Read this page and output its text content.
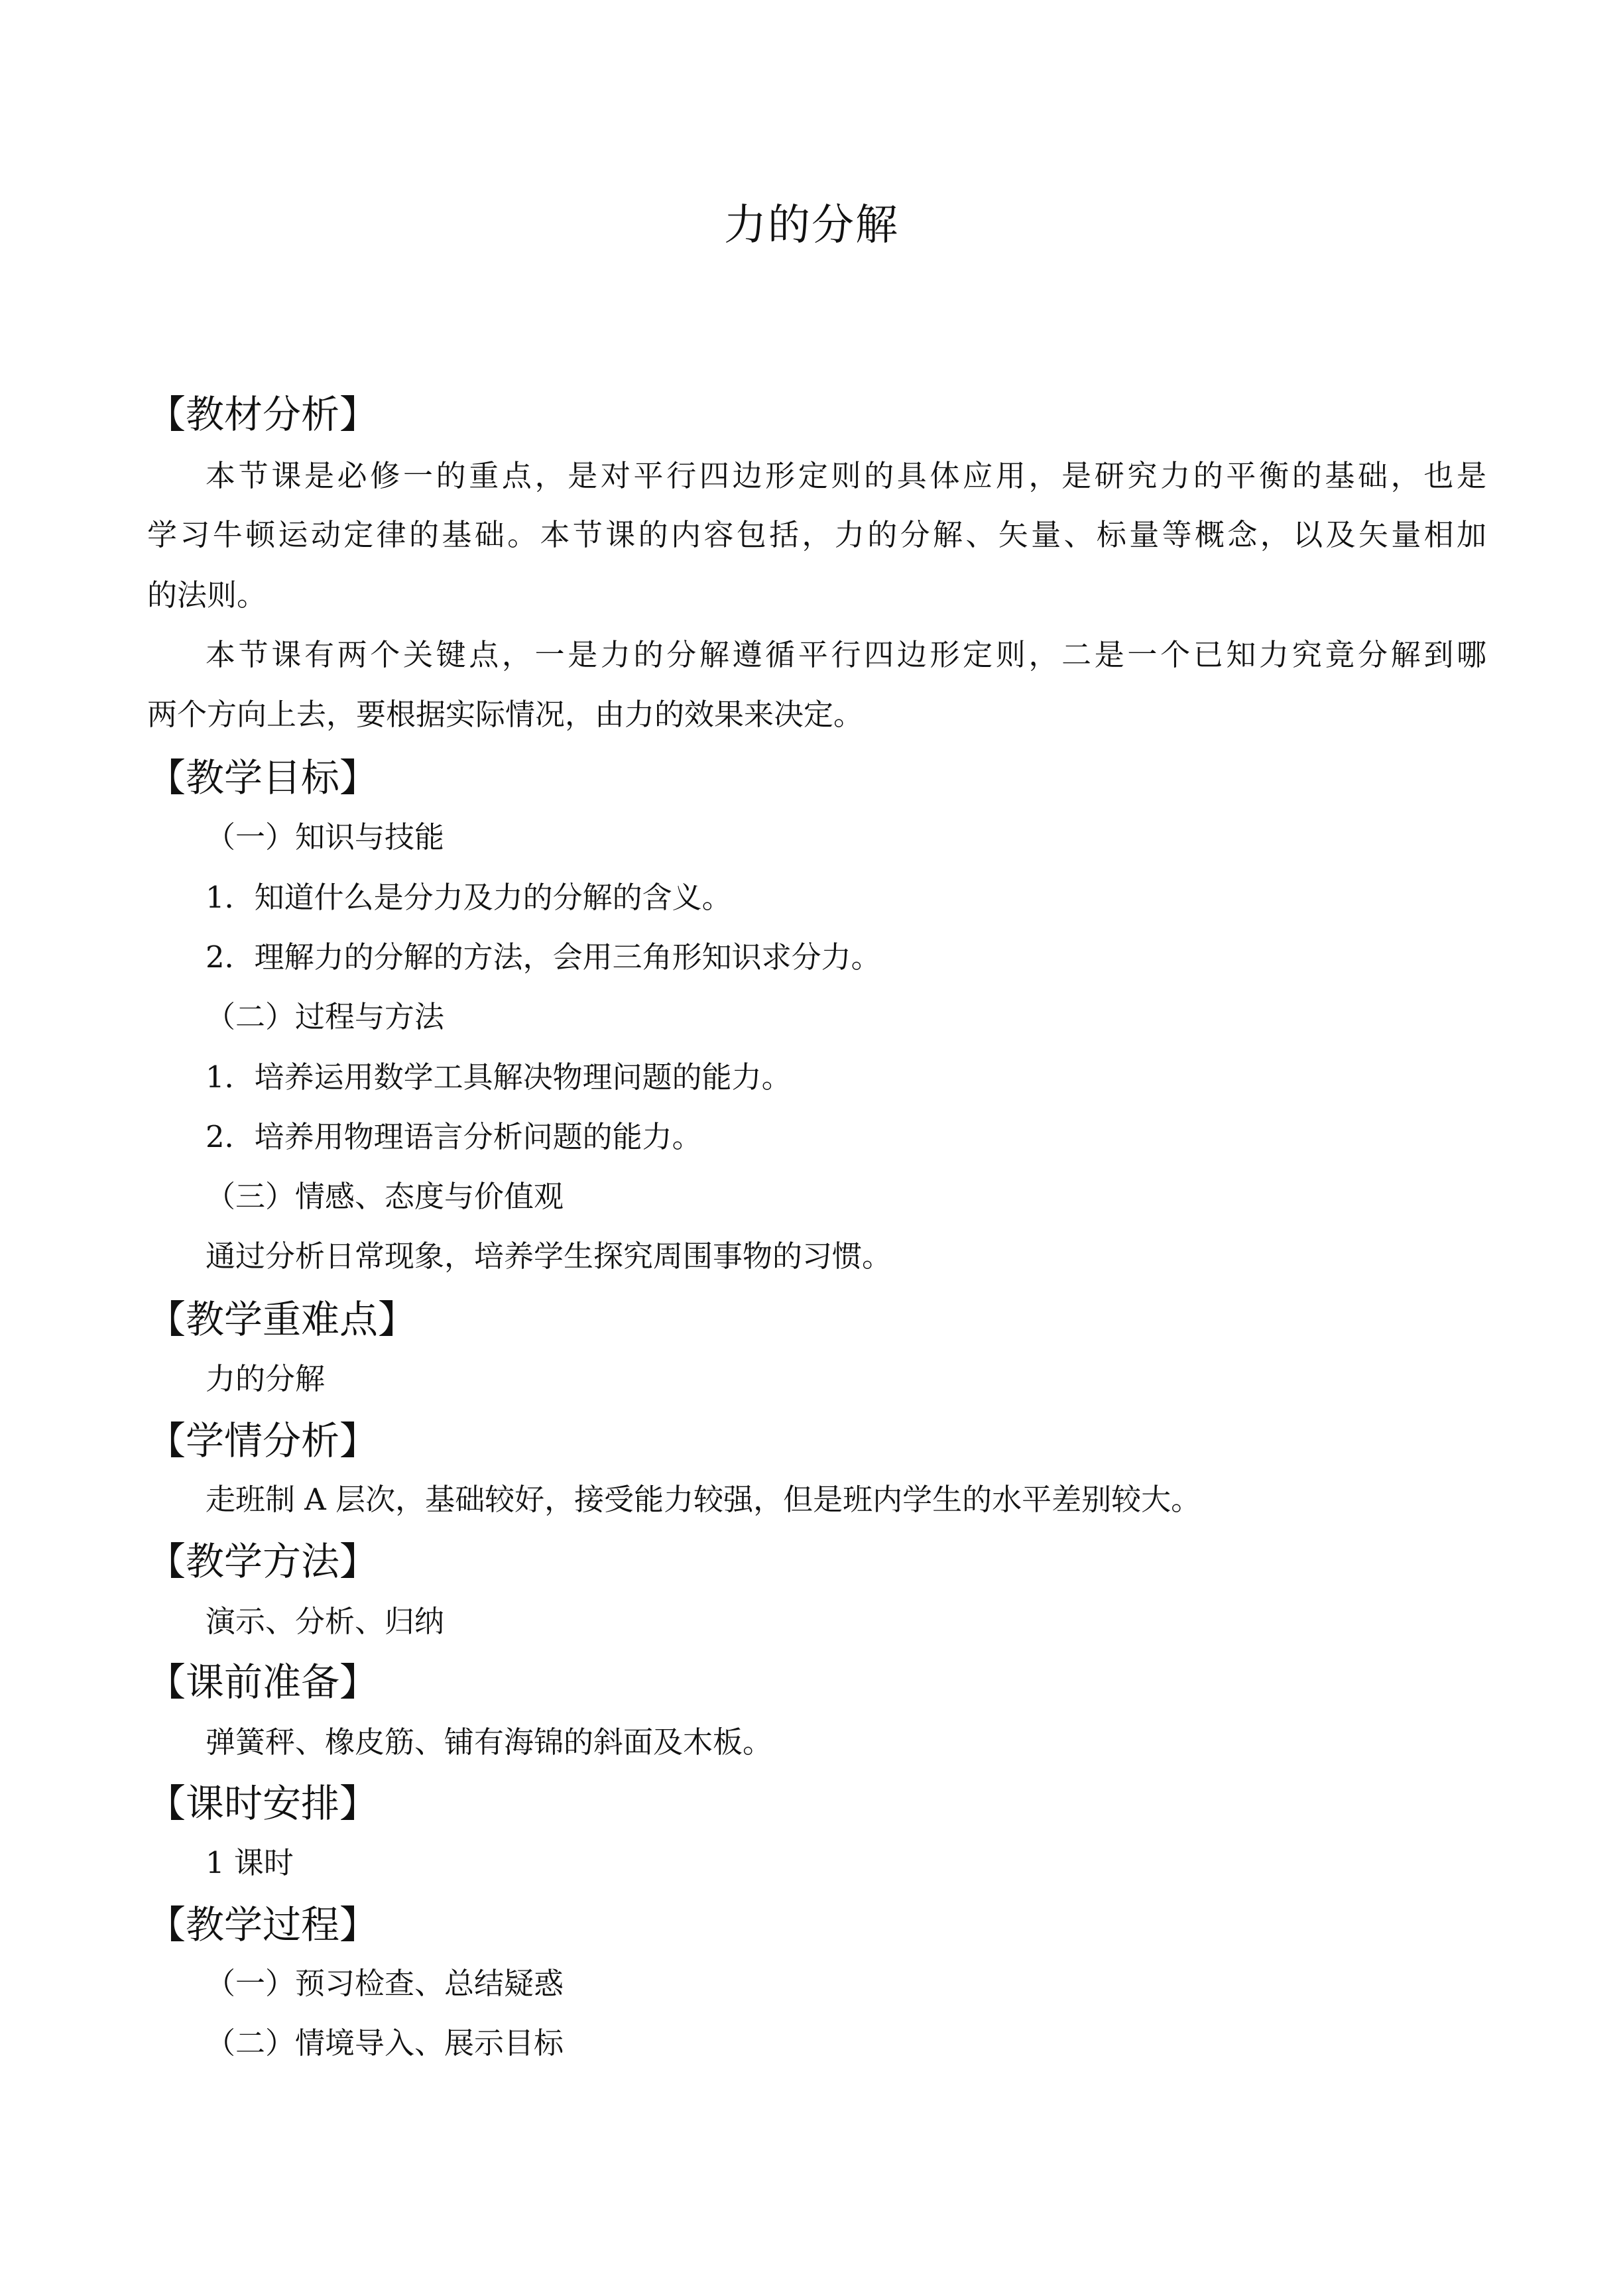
力的分解
【教材分析】
本节课是必修一的重点，是对平行四边形定则的具体应用，是研究力的平衡的基础，也是
学习牛顿运动定律的基础。本节课的内容包括，力的分解、矢量、标量等概念，以及矢量相加
的法则。
本节课有两个关键点，一是力的分解遵循平行四边形定则，二是一个已知力究竟分解到哪
两个方向上去，要根据实际情况，由力的效果来决定。
【教学目标】
（一）知识与技能
1．知道什么是分力及力的分解的含义。
2．理解力的分解的方法，会用三角形知识求分力。
（二）过程与方法
1．培养运用数学工具解决物理问题的能力。
2．培养用物理语言分析问题的能力。
（三）情感、态度与价值观
通过分析日常现象，培养学生探究周围事物的习惯。
【教学重难点】
力的分解
【学情分析】
走班制 A 层次，基础较好，接受能力较强，但是班内学生的水平差别较大。
【教学方法】
演示、分析、归纳
【课前准备】
弹簧秤、橡皮筋、铺有海锦的斜面及木板。
【课时安排】
1 课时
【教学过程】
（一）预习检查、总结疑惑
（二）情境导入、展示目标
